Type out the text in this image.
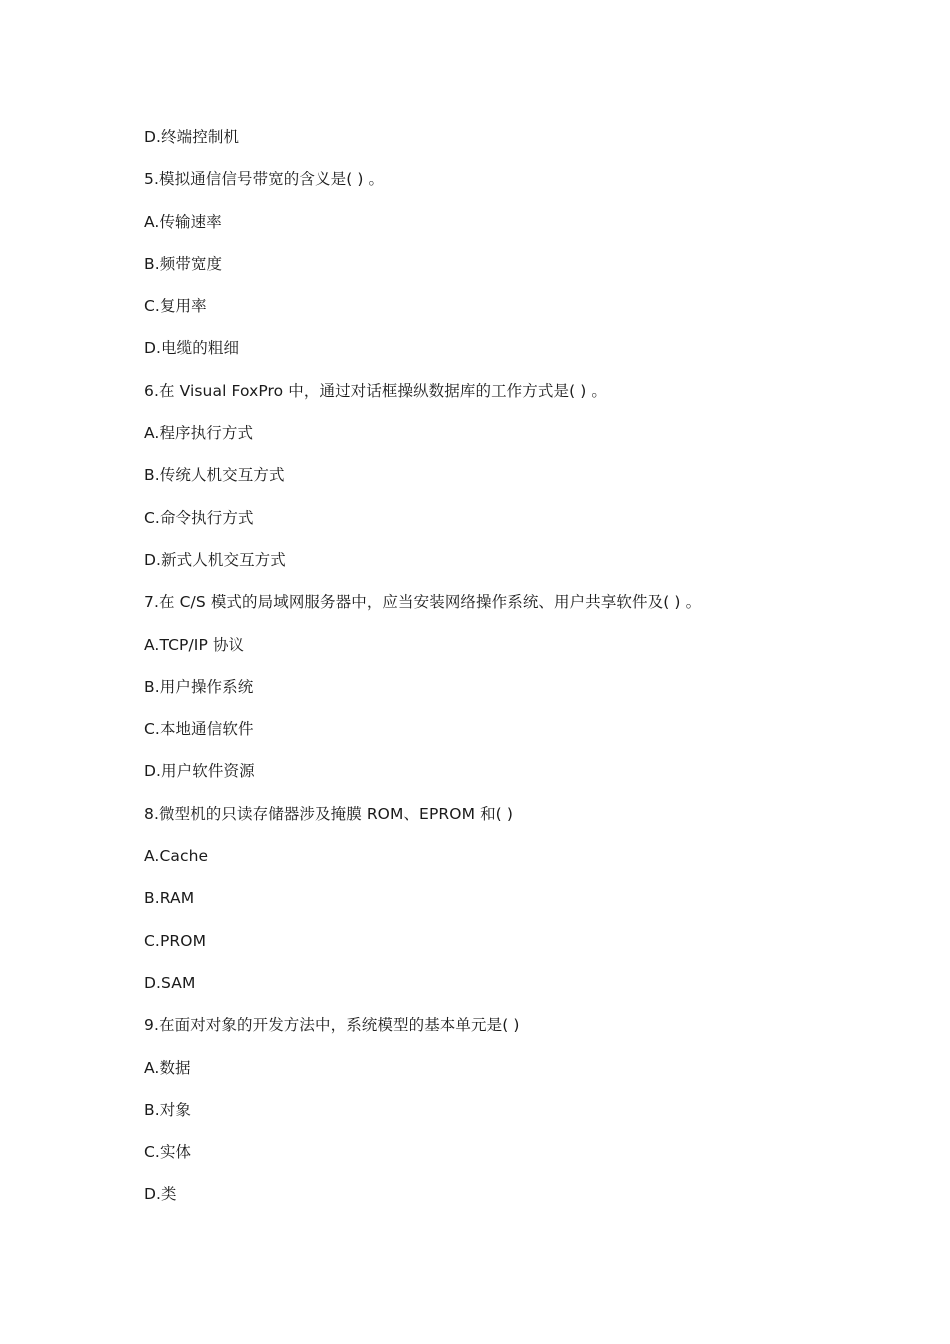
D.终端控制机
5.模拟通信信号带宽的含义是( ) 。
A.传输速率
B.频带宽度
C.复用率
D.电缆的粗细
6.在 Visual FoxPro 中，通过对话框操纵数据库的工作方式是( ) 。
A.程序执行方式
B.传统人机交互方式
C.命令执行方式
D.新式人机交互方式
7.在 C/S 模式的局域网服务器中，应当安装网络操作系统、用户共享软件及( ) 。
A.TCP/IP 协议
B.用户操作系统
C.本地通信软件
D.用户软件资源
8.微型机的只读存储器涉及掩膜 ROM、EPROM 和( )
A.Cache
B.RAM
C.PROM
D.SAM
9.在面对对象的开发方法中，系统模型的基本单元是( )
A.数据
B.对象
C.实体
D.类
